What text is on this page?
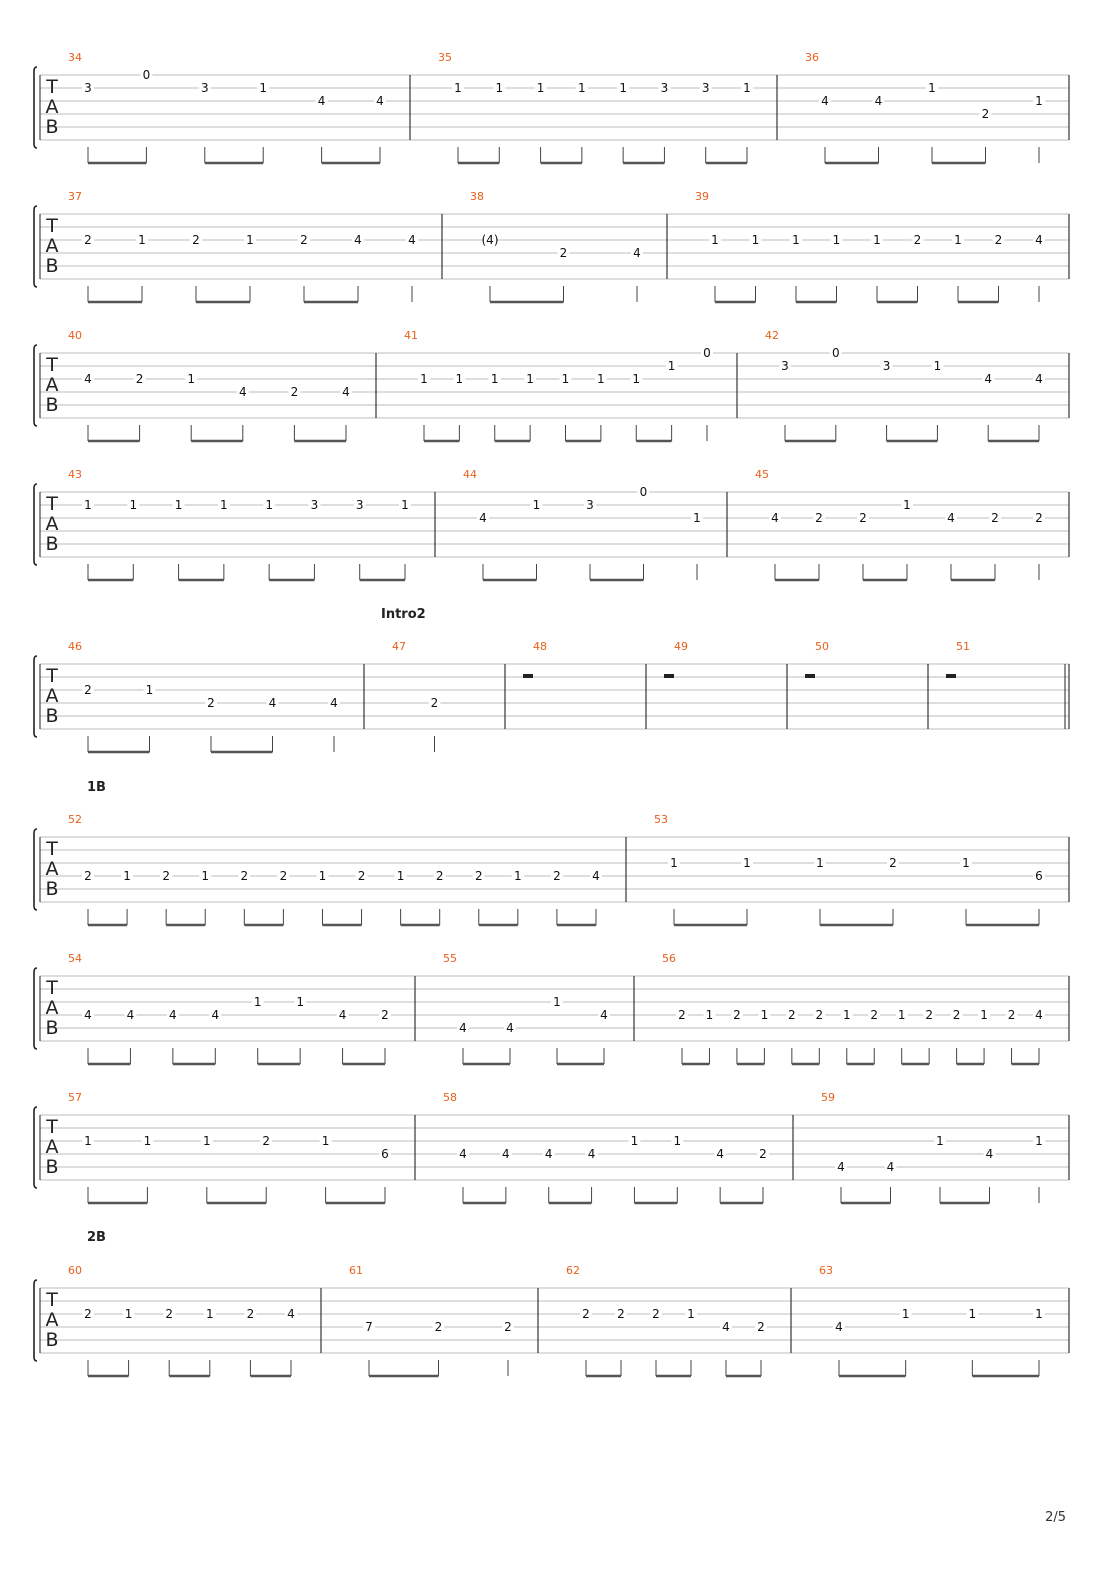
T
A
B
34
3
0
3	1
4	4
35
1	1	1	1	1	3	3	1
36
4	4
1
2
1
T
A
B
37
2	1	2	1	2	4	4
38
(4)
2	4
39
1	1	1	1	1	2	1	2	4
T
A
B
40
4	2	1
4	2	4
41
1 1 1 1 1 1 1
1
0
42
3
0
3	1
4	4
T
A
B
43
1	1	1	1	1	3	3	1
44
4
1	3
0
1
45
4	2	2
1
4	2	2
Intro2
T
A
B
46
2	1
2	4	4
47
2
48	49	50	51
1B
T
A
B
52
2	1	2	1	2	2	1	2	1	2	2	1	2	4
53
1	1	1	2	1
6
T
A
B
54
4	4	4	4
1	1
4	2
55
4	4
1
4
56
2 1 2 1 2 2 1 2 1 2 2 1 2 4
T
A
B
57
1	1	1	2	1
6
58
4	4	4	4
1	1
4	2
59
4	4
1
4
1
2B
T
A
B
60
2	1	2	1	2	4
61
7	2	2
62
2 2 2 1
4 2
63
4
1	1	1
2/5
